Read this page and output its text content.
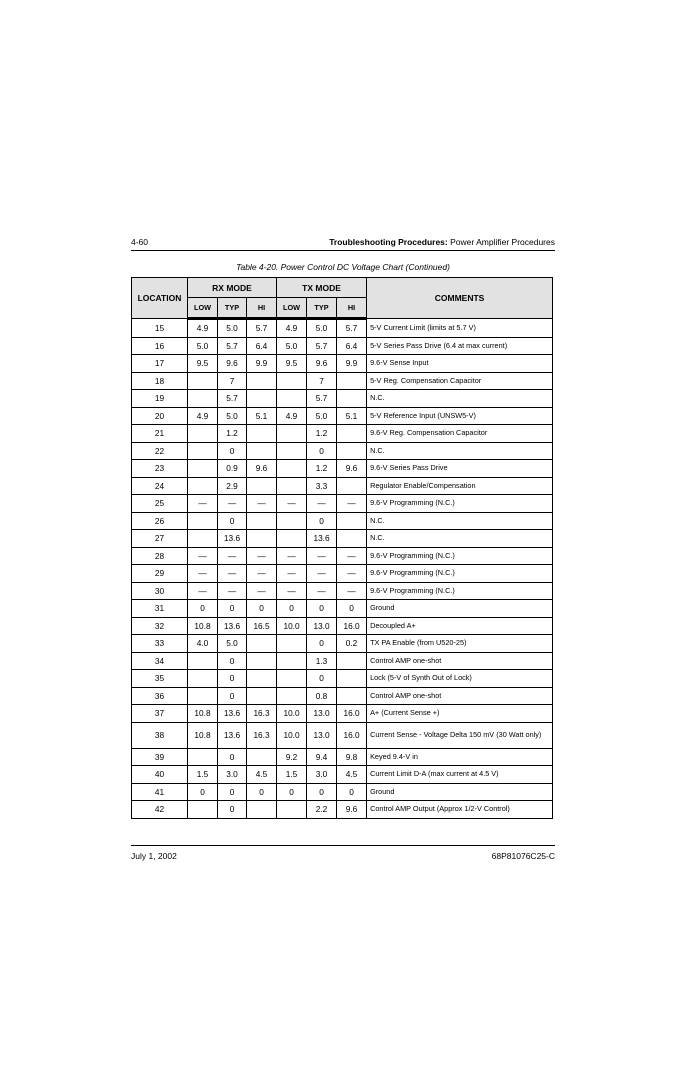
4-60	Troubleshooting Procedures: Power Amplifier Procedures
Table 4-20. Power Control DC Voltage Chart (Continued)
LOCATION	RX MODE			TX MODE			COMMENTS
	LOW	TYP	HI	LOW	TYP	HI	
15	4.9	5.0	5.7	4.9	5.0	5.7	5-V Current Limit (limits at 5.7 V)
16	5.0	5.7	6.4	5.0	5.7	6.4	5-V Series Pass Drive (6.4 at max current)
17	9.5	9.6	9.9	9.5	9.6	9.9	9.6-V Sense Input
18		7			7		5-V Reg. Compensation Capacitor
19		5.7			5.7		N.C.
20	4.9	5.0	5.1	4.9	5.0	5.1	5-V Reference Input (UNSW5-V)
21		1.2			1.2		9.6-V Reg. Compensation Capacitor
22		0			0		N.C.
23		0.9	9.6		1.2	9.6	9.6-V Series Pass Drive
24		2.9			3.3		Regulator Enable/Compensation
25	—	—	—	—	—	—	9.6-V Programming (N.C.)
26		0			0		N.C.
27		13.6			13.6		N.C.
28	—	—	—	—	—	—	9.6-V Programming (N.C.)
29	—	—	—	—	—	—	9.6-V Programming (N.C.)
30	—	—	—	—	—	—	9.6-V Programming (N.C.)
31	0	0	0	0	0	0	Ground
32	10.8	13.6	16.5	10.0	13.0	16.0	Decoupled A+
33	4.0	5.0			0	0.2	TX PA Enable (from U520-25)
34		0			1.3		Control AMP one-shot
35		0			0		Lock (5-V of Synth Out of Lock)
36		0			0.8		Control AMP one-shot
37	10.8	13.6	16.3	10.0	13.0	16.0	A+ (Current Sense +)
38	10.8	13.6	16.3	10.0	13.0	16.0	Current Sense - Voltage Delta 150 mV (30 Watt only)
39		0		9.2	9.4	9.8	Keyed 9.4-V in
40	1.5	3.0	4.5	1.5	3.0	4.5	Current Limit D-A (max current at 4.5 V)
41	0	0	0	0	0	0	Ground
42		0			2.2	9.6	Control AMP Output (Approx 1/2-V Control)
July 1, 2002	68P81076C25-C
